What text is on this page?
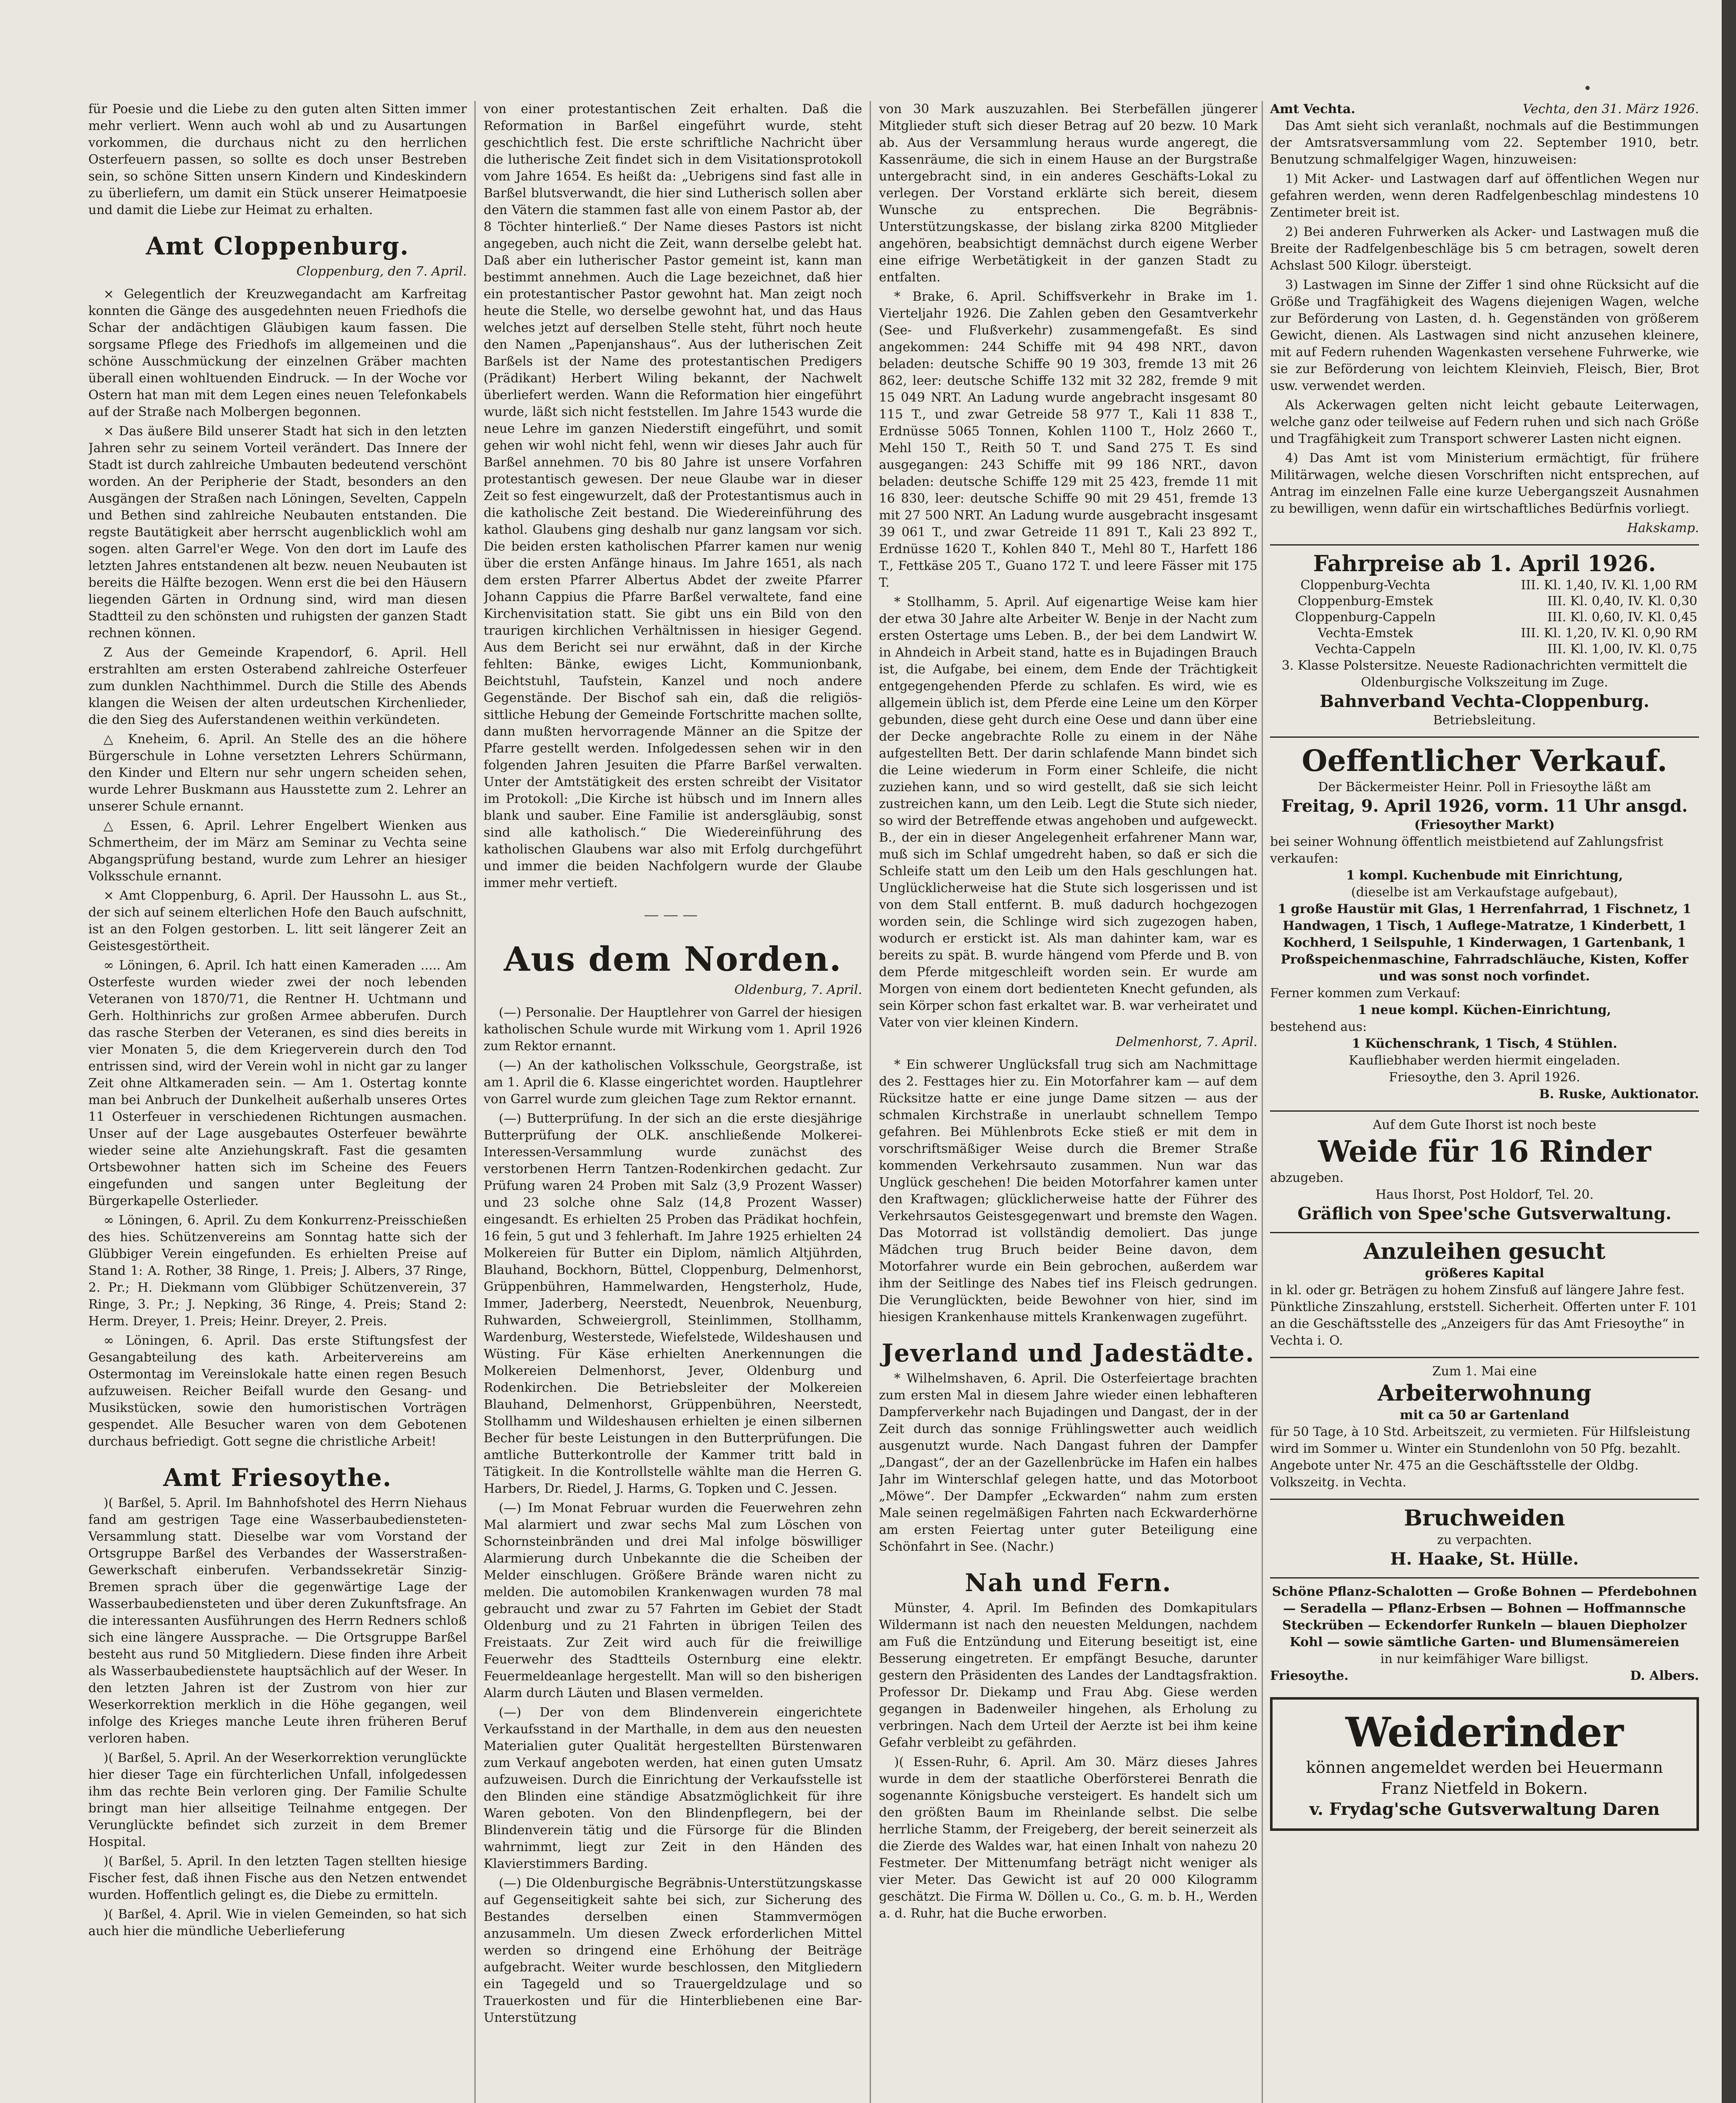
für Poesie und die Liebe zu den guten alten Sitten immer mehr verliert. Wenn auch wohl ab und zu Ausartungen vorkommen, die durchaus nicht zu den herrlichen Osterfeuern passen, so sollte es doch unser Bestreben sein, so schöne Sitten unsern Kindern und Kindeskindern zu überliefern, um damit ein Stück unserer Heimatpoesie und damit die Liebe zur Heimat zu erhalten.

Amt Cloppenburg.
Cloppenburg, den 7. April.

× Gelegentlich der Kreuzwegandacht am Karfreitag konnten die Gänge des ausgedehnten neuen Friedhofs die Schar der andächtigen Gläubigen kaum fassen. Die sorgsame Pflege des Friedhofs im allgemeinen und die schöne Ausschmückung der einzelnen Gräber machten überall einen wohltuenden Eindruck. — In der Woche vor Ostern hat man mit dem Legen eines neuen Telefonkabels auf der Straße nach Molbergen begonnen.

× Das äußere Bild unserer Stadt hat sich in den letzten Jahren sehr zu seinem Vorteil verändert. Das Innere der Stadt ist durch zahlreiche Umbauten bedeutend verschönt worden. An der Peripherie der Stadt, besonders an den Ausgängen der Straßen nach Löningen, Sevelten, Cappeln und Bethen sind zahlreiche Neubauten entstanden. Die regste Bautätigkeit aber herrscht augenblicklich wohl am sogen. alten Garrel'er Wege. Von den dort im Laufe des letzten Jahres entstandenen alt bezw. neuen Neubauten ist bereits die Hälfte bezogen. Wenn erst die bei den Häusern liegenden Gärten in Ordnung sind, wird man diesen Stadtteil zu den schönsten und ruhigsten der ganzen Stadt rechnen können.

Z Aus der Gemeinde Krapendorf, 6. April. Hell erstrahlten am ersten Osterabend zahlreiche Osterfeuer zum dunklen Nachthimmel. Durch die Stille des Abends klangen die Weisen der alten urdeutschen Kirchenlieder, die den Sieg des Auferstandenen weithin verkündeten.

△ Kneheim, 6. April. An Stelle des an die höhere Bürgerschule in Lohne versetzten Lehrers Schürmann, den Kinder und Eltern nur sehr ungern scheiden sehen, wurde Lehrer Buskmann aus Hausstette zum 2. Lehrer an unserer Schule ernannt.

△ Essen, 6. April. Lehrer Engelbert Wienken aus Schmertheim, der im März am Seminar zu Vechta seine Abgangsprüfung bestand, wurde zum Lehrer an hiesiger Volksschule ernannt.

× Amt Cloppenburg, 6. April. Der Haussohn L. aus St., der sich auf seinem elterlichen Hofe den Bauch aufschnitt, ist an den Folgen gestorben. L. litt seit längerer Zeit an Geistesgestörtheit.

∞ Löningen, 6. April. Ich hatt einen Kameraden ..... Am Osterfeste wurden wieder zwei der noch lebenden Veteranen von 1870/71, die Rentner H. Uchtmann und Gerh. Holthinrichs zur großen Armee abberufen. Durch das rasche Sterben der Veteranen, es sind dies bereits in vier Monaten 5, die dem Kriegerverein durch den Tod entrissen sind, wird der Verein wohl in nicht gar zu langer Zeit ohne Altkameraden sein. — Am 1. Ostertag konnte man bei Anbruch der Dunkelheit außerhalb unseres Ortes 11 Osterfeuer in verschiedenen Richtungen ausmachen. Unser auf der Lage ausgebautes Osterfeuer bewährte wieder seine alte Anziehungskraft. Fast die gesamten Ortsbewohner hatten sich im Scheine des Feuers eingefunden und sangen unter Begleitung der Bürgerkapelle Osterlieder.

∞ Löningen, 6. April. Zu dem Konkurrenz-Preisschießen des hies. Schützenvereins am Sonntag hatte sich der Glübbiger Verein eingefunden. Es erhielten Preise auf Stand 1: A. Rother, 38 Ringe, 1. Preis; J. Albers, 37 Ringe, 2. Pr.; H. Diekmann vom Glübbiger Schützenverein, 37 Ringe, 3. Pr.; J. Nepking, 36 Ringe, 4. Preis; Stand 2: Herm. Dreyer, 1. Preis; Heinr. Dreyer, 2. Preis.

∞ Löningen, 6. April. Das erste Stiftungsfest der Gesangabteilung des kath. Arbeitervereins am Ostermontag im Vereinslokale hatte einen regen Besuch aufzuweisen. Reicher Beifall wurde den Gesang- und Musikstücken, sowie den humoristischen Vorträgen gespendet. Alle Besucher waren von dem Gebotenen durchaus befriedigt. Gott segne die christliche Arbeit!

Amt Friesoythe.

)( Barßel, 5. April. Im Bahnhofshotel des Herrn Niehaus fand am gestrigen Tage eine Wasserbaubediensteten-Versammlung statt. Dieselbe war vom Vorstand der Ortsgruppe Barßel des Verbandes der Wasserstraßen-Gewerkschaft einberufen. Verbandssekretär Sinzig-Bremen sprach über die gegenwärtige Lage der Wasserbaubediensteten und über deren Zukunftsfrage. An die interessanten Ausführungen des Herrn Redners schloß sich eine längere Aussprache. — Die Ortsgruppe Barßel besteht aus rund 50 Mitgliedern. Diese finden ihre Arbeit als Wasserbaubedienstete hauptsächlich auf der Weser. In den letzten Jahren ist der Zustrom von hier zur Weserkorrektion merklich in die Höhe gegangen, weil infolge des Krieges manche Leute ihren früheren Beruf verloren haben.

)( Barßel, 5. April. An der Weserkorrektion verunglückte hier dieser Tage ein fürchterlichen Unfall, infolgedessen ihm das rechte Bein verloren ging. Der Familie Schulte bringt man hier allseitige Teilnahme entgegen. Der Verunglückte befindet sich zurzeit in dem Bremer Hospital.

)( Barßel, 5. April. In den letzten Tagen stellten hiesige Fischer fest, daß ihnen Fische aus den Netzen entwendet wurden. Hoffentlich gelingt es, die Diebe zu ermitteln.

)( Barßel, 4. April. Wie in vielen Gemeinden, so hat sich auch hier die mündliche Ueberlieferung

von einer protestantischen Zeit erhalten. Daß die Reformation in Barßel eingeführt wurde, steht geschichtlich fest. Die erste schriftliche Nachricht über die lutherische Zeit findet sich in dem Visitationsprotokoll vom Jahre 1654. Es heißt da: „Uebrigens sind fast alle in Barßel blutsverwandt, die hier sind Lutherisch sollen aber den Vätern die stammen fast alle von einem Pastor ab, der 8 Töchter hinterließ.“ Der Name dieses Pastors ist nicht angegeben, auch nicht die Zeit, wann derselbe gelebt hat. Daß aber ein lutherischer Pastor gemeint ist, kann man bestimmt annehmen. Auch die Lage bezeichnet, daß hier ein protestantischer Pastor gewohnt hat. Man zeigt noch heute die Stelle, wo derselbe gewohnt hat, und das Haus welches jetzt auf derselben Stelle steht, führt noch heute den Namen „Papenjanshaus“. Aus der lutherischen Zeit Barßels ist der Name des protestantischen Predigers (Prädikant) Herbert Wiling bekannt, der Nachwelt überliefert werden. Wann die Reformation hier eingeführt wurde, läßt sich nicht feststellen. Im Jahre 1543 wurde die neue Lehre im ganzen Niederstift eingeführt, und somit gehen wir wohl nicht fehl, wenn wir dieses Jahr auch für Barßel annehmen. 70 bis 80 Jahre ist unsere Vorfahren protestantisch gewesen. Der neue Glaube war in dieser Zeit so fest eingewurzelt, daß der Protestantismus auch in die katholische Zeit bestand. Die Wiedereinführung des kathol. Glaubens ging deshalb nur ganz langsam vor sich. Die beiden ersten katholischen Pfarrer kamen nur wenig über die ersten Anfänge hinaus. Im Jahre 1651, als nach dem ersten Pfarrer Albertus Abdet der zweite Pfarrer Johann Cappius die Pfarre Barßel verwaltete, fand eine Kirchenvisitation statt. Sie gibt uns ein Bild von den traurigen kirchlichen Verhältnissen in hiesiger Gegend. Aus dem Bericht sei nur erwähnt, daß in der Kirche fehlten: Bänke, ewiges Licht, Kommunionbank, Beichtstuhl, Taufstein, Kanzel und noch andere Gegenstände. Der Bischof sah ein, daß die religiös-sittliche Hebung der Gemeinde Fortschritte machen sollte, dann mußten hervorragende Männer an die Spitze der Pfarre gestellt werden. Infolgedessen sehen wir in den folgenden Jahren Jesuiten die Pfarre Barßel verwalten. Unter der Amtstätigkeit des ersten schreibt der Visitator im Protokoll: „Die Kirche ist hübsch und im Innern alles blank und sauber. Eine Familie ist andersgläubig, sonst sind alle katholisch.“ Die Wiedereinführung des katholischen Glaubens war also mit Erfolg durchgeführt und immer die beiden Nachfolgern wurde der Glaube immer mehr vertieft.

———
Aus dem Norden.
Oldenburg, 7. April.

(—) Personalie. Der Hauptlehrer von Garrel der hiesigen katholischen Schule wurde mit Wirkung vom 1. April 1926 zum Rektor ernannt.

(—) An der katholischen Volksschule, Georgstraße, ist am 1. April die 6. Klasse eingerichtet worden. Hauptlehrer von Garrel wurde zum gleichen Tage zum Rektor ernannt.

(—) Butterprüfung. In der sich an die erste diesjährige Butterprüfung der OLK. anschließende Molkerei-Interessen-Versammlung wurde zunächst des verstorbenen Herrn Tantzen-Rodenkirchen gedacht. Zur Prüfung waren 24 Proben mit Salz (3,9 Prozent Wasser) und 23 solche ohne Salz (14,8 Prozent Wasser) eingesandt. Es erhielten 25 Proben das Prädikat hochfein, 16 fein, 5 gut und 3 fehlerhaft. Im Jahre 1925 erhielten 24 Molkereien für Butter ein Diplom, nämlich Altjührden, Blauhand, Bockhorn, Büttel, Cloppenburg, Delmenhorst, Grüppenbühren, Hammelwarden, Hengsterholz, Hude, Immer, Jaderberg, Neerstedt, Neuenbrok, Neuenburg, Ruhwarden, Schweiergroll, Steinlimmen, Stollhamm, Wardenburg, Westerstede, Wiefelstede, Wildeshausen und Wüsting. Für Käse erhielten Anerkennungen die Molkereien Delmenhorst, Jever, Oldenburg und Rodenkirchen. Die Betriebsleiter der Molkereien Blauhand, Delmenhorst, Grüppenbühren, Neerstedt, Stollhamm und Wildeshausen erhielten je einen silbernen Becher für beste Leistungen in den Butterprüfungen. Die amtliche Butterkontrolle der Kammer tritt bald in Tätigkeit. In die Kontrollstelle wählte man die Herren G. Harbers, Dr. Riedel, J. Harms, G. Topken und C. Jessen.

(—) Im Monat Februar wurden die Feuerwehren zehn Mal alarmiert und zwar sechs Mal zum Löschen von Schornsteinbränden und drei Mal infolge böswilliger Alarmierung durch Unbekannte die die Scheiben der Melder einschlugen. Größere Brände waren nicht zu melden. Die automobilen Krankenwagen wurden 78 mal gebraucht und zwar zu 57 Fahrten im Gebiet der Stadt Oldenburg und zu 21 Fahrten in übrigen Teilen des Freistaats. Zur Zeit wird auch für die freiwillige Feuerwehr des Stadtteils Osternburg eine elektr. Feuermeldeanlage hergestellt. Man will so den bisherigen Alarm durch Läuten und Blasen vermelden.

(—) Der von dem Blindenverein eingerichtete Verkaufsstand in der Marthalle, in dem aus den neuesten Materialien guter Qualität hergestellten Bürstenwaren zum Verkauf angeboten werden, hat einen guten Umsatz aufzuweisen. Durch die Einrichtung der Verkaufsstelle ist den Blinden eine ständige Absatzmöglichkeit für ihre Waren geboten. Von den Blindenpflegern, bei der Blindenverein tätig und die Fürsorge für die Blinden wahrnimmt, liegt zur Zeit in den Händen des Klavierstimmers Barding.

(—) Die Oldenburgische Begräbnis-Unterstützungskasse auf Gegenseitigkeit sahte bei sich, zur Sicherung des Bestandes derselben einen Stammvermögen anzusammeln. Um diesen Zweck erforderlichen Mittel werden so dringend eine Erhöhung der Beiträge aufgebracht. Weiter wurde beschlossen, den Mitgliedern ein Tagegeld und so Trauergeldzulage und so Trauerkosten und für die Hinterbliebenen eine Bar-Unterstützung

von 30 Mark auszuzahlen. Bei Sterbefällen jüngerer Mitglieder stuft sich dieser Betrag auf 20 bezw. 10 Mark ab. Aus der Versammlung heraus wurde angeregt, die Kassenräume, die sich in einem Hause an der Burgstraße untergebracht sind, in ein anderes Geschäfts-Lokal zu verlegen. Der Vorstand erklärte sich bereit, diesem Wunsche zu entsprechen. Die Begräbnis-Unterstützungskasse, der bislang zirka 8200 Mitglieder angehören, beabsichtigt demnächst durch eigene Werber eine eifrige Werbetätigkeit in der ganzen Stadt zu entfalten.

* Brake, 6. April. Schiffsverkehr in Brake im 1. Vierteljahr 1926. Die Zahlen geben den Gesamtverkehr (See- und Flußverkehr) zusammengefaßt. Es sind angekommen: 244 Schiffe mit 94 498 NRT., davon beladen: deutsche Schiffe 90 19 303, fremde 13 mit 26 862, leer: deutsche Schiffe 132 mit 32 282, fremde 9 mit 15 049 NRT. An Ladung wurde angebracht insgesamt 80 115 T., und zwar Getreide 58 977 T., Kali 11 838 T., Erdnüsse 5065 Tonnen, Kohlen 1100 T., Holz 2660 T., Mehl 150 T., Reith 50 T. und Sand 275 T. Es sind ausgegangen: 243 Schiffe mit 99 186 NRT., davon beladen: deutsche Schiffe 129 mit 25 423, fremde 11 mit 16 830, leer: deutsche Schiffe 90 mit 29 451, fremde 13 mit 27 500 NRT. An Ladung wurde ausgebracht insgesamt 39 061 T., und zwar Getreide 11 891 T., Kali 23 892 T., Erdnüsse 1620 T., Kohlen 840 T., Mehl 80 T., Harfett 186 T., Fettkäse 205 T., Guano 172 T. und leere Fässer mit 175 T.

* Stollhamm, 5. April. Auf eigenartige Weise kam hier der etwa 30 Jahre alte Arbeiter W. Benje in der Nacht zum ersten Ostertage ums Leben. B., der bei dem Landwirt W. in Ahndeich in Arbeit stand, hatte es in Bujadingen Brauch ist, die Aufgabe, bei einem, dem Ende der Trächtigkeit entgegengehenden Pferde zu schlafen. Es wird, wie es allgemein üblich ist, dem Pferde eine Leine um den Körper gebunden, diese geht durch eine Oese und dann über eine der Decke angebrachte Rolle zu einem in der Nähe aufgestellten Bett. Der darin schlafende Mann bindet sich die Leine wiederum in Form einer Schleife, die nicht zuziehen kann, und so wird gestellt, daß sie sich leicht zustreichen kann, um den Leib. Legt die Stute sich nieder, so wird der Betreffende etwas angehoben und aufgeweckt. B., der ein in dieser Angelegenheit erfahrener Mann war, muß sich im Schlaf umgedreht haben, so daß er sich die Schleife statt um den Leib um den Hals geschlungen hat. Unglücklicherweise hat die Stute sich losgerissen und ist von dem Stall entfernt. B. muß dadurch hochgezogen worden sein, die Schlinge wird sich zugezogen haben, wodurch er erstickt ist. Als man dahinter kam, war es bereits zu spät. B. wurde hängend vom Pferde und B. von dem Pferde mitgeschleift worden sein. Er wurde am Morgen von einem dort bedienteten Knecht gefunden, als sein Körper schon fast erkaltet war. B. war verheiratet und Vater von vier kleinen Kindern.

Delmenhorst, 7. April.

* Ein schwerer Unglücksfall trug sich am Nachmittage des 2. Festtages hier zu. Ein Motorfahrer kam — auf dem Rücksitze hatte er eine junge Dame sitzen — aus der schmalen Kirchstraße in unerlaubt schnellem Tempo gefahren. Bei Mühlenbrots Ecke stieß er mit dem in vorschriftsmäßiger Weise durch die Bremer Straße kommenden Verkehrsauto zusammen. Nun war das Unglück geschehen! Die beiden Motorfahrer kamen unter den Kraftwagen; glücklicherweise hatte der Führer des Verkehrsautos Geistesgegenwart und bremste den Wagen. Das Motorrad ist vollständig demoliert. Das junge Mädchen trug Bruch beider Beine davon, dem Motorfahrer wurde ein Bein gebrochen, außerdem war ihm der Seitlinge des Nabes tief ins Fleisch gedrungen. Die Verunglückten, beide Bewohner von hier, sind im hiesigen Krankenhause mittels Krankenwagen zugeführt.

Jeverland und Jadestädte.

* Wilhelmshaven, 6. April. Die Osterfeiertage brachten zum ersten Mal in diesem Jahre wieder einen lebhafteren Dampferverkehr nach Bujadingen und Dangast, der in der Zeit durch das sonnige Frühlingswetter auch weidlich ausgenutzt wurde. Nach Dangast fuhren der Dampfer „Dangast“, der an der Gazellenbrücke im Hafen ein halbes Jahr im Winterschlaf gelegen hatte, und das Motorboot „Möwe“. Der Dampfer „Eckwarden“ nahm zum ersten Male seinen regelmäßigen Fahrten nach Eckwarderhörne am ersten Feiertag unter guter Beteiligung eine Schönfahrt in See. (Nachr.)

Nah und Fern.

Münster, 4. April. Im Befinden des Domkapitulars Wildermann ist nach den neuesten Meldungen, nachdem am Fuß die Entzündung und Eiterung beseitigt ist, eine Besserung eingetreten. Er empfängt Besuche, darunter gestern den Präsidenten des Landes der Landtagsfraktion. Professor Dr. Diekamp und Frau Abg. Giese werden gegangen in Badenweiler hingehen, als Erholung zu verbringen. Nach dem Urteil der Aerzte ist bei ihm keine Gefahr verbleibt zu gefährden.

)( Essen-Ruhr, 6. April. Am 30. März dieses Jahres wurde in dem der staatliche Oberförsterei Benrath die sogenannte Königsbuche versteigert. Es handelt sich um den größten Baum im Rheinlande selbst. Die selbe herrliche Stamm, der Freigeberg, der bereit seinerzeit als die Zierde des Waldes war, hat einen Inhalt von nahezu 20 Festmeter. Der Mittenumfang beträgt nicht weniger als vier Meter. Das Gewicht ist auf 20 000 Kilogramm geschätzt. Die Firma W. Döllen u. Co., G. m. b. H., Werden a. d. Ruhr, hat die Buche erworben.

Amt Vechta.	Vechta, den 31. März 1926.

Das Amt sieht sich veranlaßt, nochmals auf die Bestimmungen der Amtsratsversammlung vom 22. September 1910, betr. Benutzung schmalfelgiger Wagen, hinzuweisen:

1) Mit Acker- und Lastwagen darf auf öffentlichen Wegen nur gefahren werden, wenn deren Radfelgenbeschlag mindestens 10 Zentimeter breit ist.

2) Bei anderen Fuhrwerken als Acker- und Lastwagen muß die Breite der Radfelgenbeschläge bis 5 cm betragen, sowelt deren Achslast 500 Kilogr. übersteigt.

3) Lastwagen im Sinne der Ziffer 1 sind ohne Rücksicht auf die Größe und Tragfähigkeit des Wagens diejenigen Wagen, welche zur Beförderung von Lasten, d. h. Gegenständen von größerem Gewicht, dienen. Als Lastwagen sind nicht anzusehen kleinere, mit auf Federn ruhenden Wagenkasten versehene Fuhrwerke, wie sie zur Beförderung von leichtem Kleinvieh, Fleisch, Bier, Brot usw. verwendet werden.

Als Ackerwagen gelten nicht leicht gebaute Leiterwagen, welche ganz oder teilweise auf Federn ruhen und sich nach Größe und Tragfähigkeit zum Transport schwerer Lasten nicht eignen.

4) Das Amt ist vom Ministerium ermächtigt, für frühere Militärwagen, welche diesen Vorschriften nicht entsprechen, auf Antrag im einzelnen Falle eine kurze Uebergangszeit Ausnahmen zu bewilligen, wenn dafür ein wirtschaftliches Bedürfnis vorliegt.

Hakskamp.
Fahrpreise ab 1. April 1926.
Cloppenburg-Vechta	III. Kl. 1,40, IV. Kl. 1,00 RM
Cloppenburg-Emstek	III. Kl. 0,40, IV. Kl. 0,30
Cloppenburg-Cappeln	III. Kl. 0,60, IV. Kl. 0,45
Vechta-Emstek	III. Kl. 1,20, IV. Kl. 0,90 RM
Vechta-Cappeln	III. Kl. 1,00, IV. Kl. 0,75
3. Klasse Polstersitze. Neueste Radionachrichten vermittelt die Oldenburgische Volkszeitung im Zuge.
Bahnverband Vechta-Cloppenburg.
Betriebsleitung.
Oeffentlicher Verkauf.
Der Bäckermeister Heinr. Poll in Friesoythe läßt am
Freitag, 9. April 1926, vorm. 11 Uhr ansgd.
(Friesoyther Markt)
bei seiner Wohnung öffentlich meistbietend auf Zahlungsfrist verkaufen:
1 kompl. Kuchenbude mit Einrichtung,
(dieselbe ist am Verkaufstage aufgebaut),
1 große Haustür mit Glas, 1 Herrenfahrrad, 1 Fischnetz, 1 Handwagen, 1 Tisch, 1 Auflege-Matratze, 1 Kinderbett, 1 Kochherd, 1 Seilspuhle, 1 Kinderwagen, 1 Gartenbank, 1 Proßspeichenmaschine, Fahrradschläuche, Kisten, Koffer und was sonst noch vorfindet.
Ferner kommen zum Verkauf:
1 neue kompl. Küchen-Einrichtung,
bestehend aus:
1 Küchenschrank, 1 Tisch, 4 Stühlen.
Kaufliebhaber werden hiermit eingeladen.
Friesoythe, den 3. April 1926.
B. Ruske, Auktionator.
Auf dem Gute Ihorst ist noch beste
Weide für 16 Rinder
abzugeben.
Haus Ihorst, Post Holdorf, Tel. 20.
Gräflich von Spee'sche Gutsverwaltung.
Anzuleihen gesucht
größeres Kapital
in kl. oder gr. Beträgen zu hohem Zinsfuß auf längere Jahre fest. Pünktliche Zinszahlung, erststell. Sicherheit. Offerten unter F. 101 an die Geschäftsstelle des „Anzeigers für das Amt Friesoythe“ in Vechta i. O.
Zum 1. Mai eine
Arbeiterwohnung
mit ca 50 ar Gartenland
für 50 Tage, à 10 Std. Arbeitszeit, zu vermieten. Für Hilfsleistung wird im Sommer u. Winter ein Stundenlohn von 50 Pfg. bezahlt.
Angebote unter Nr. 475 an die Geschäftsstelle der Oldbg. Volkszeitg. in Vechta.
Bruchweiden
zu verpachten.
H. Haake, St. Hülle.
Schöne Pflanz-Schalotten — Große Bohnen — Pferdebohnen — Seradella — Pflanz-Erbsen — Bohnen — Hoffmannsche Steckrüben — Eckendorfer Runkeln — blauen Diepholzer Kohl — sowie sämtliche Garten- und Blumensämereien
in nur keimfähiger Ware billigst.
Friesoythe.	D. Albers.
Weiderinder
können angemeldet werden bei Heuermann Franz Nietfeld in Bokern.
v. Frydag'sche Gutsverwaltung Daren
